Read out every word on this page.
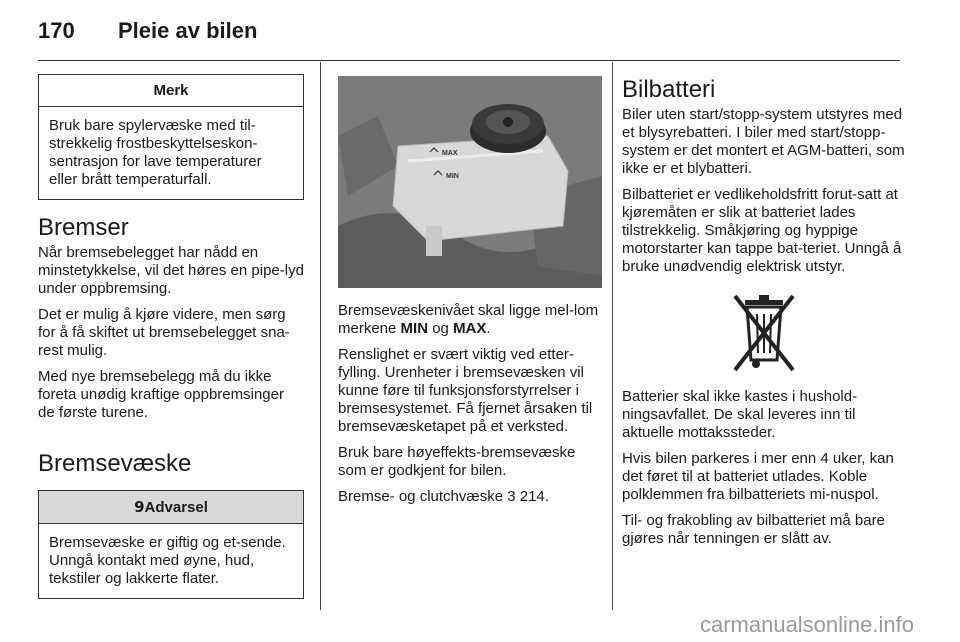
170	Pleie av bilen
Merk
Bruk bare spylervæske med til-strekkelig frostbeskyttelseskon-sentrasjon for lave temperaturer eller brått temperaturfall.
Bremser

Når bremsebelegget har nådd en minstetykkelse, vil det høres en pipe-lyd under oppbremsing.

Det er mulig å kjøre videre, men sørg for å få skiftet ut bremsebelegget sna-rest mulig.

Med nye bremsebelegg må du ikke foreta unødig kraftige oppbremsinger de første turene.

Bremsevæske
9Advarsel
Bremsevæske er giftig og et-sende. Unngå kontakt med øyne, hud, tekstiler og lakkerte flater.
MAX
MIN

Bremsevæskenivået skal ligge mel-lom merkene MIN og MAX.

Renslighet er svært viktig ved etter-fylling. Urenheter i bremsevæsken vil kunne føre til funksjonsforstyrrelser i bremsesystemet. Få fjernet årsaken til bremsevæsketapet på et verksted.

Bruk bare høyeffekts-bremsevæske som er godkjent for bilen.

Bremse- og clutchvæske 3 214.

Bilbatteri

Biler uten start/stopp-system utstyres med et blysyrebatteri. I biler med start/stopp-system er det montert et AGM-batteri, som ikke er et blybatteri.

Bilbatteriet er vedlikeholdsfritt forut-satt at kjøremåten er slik at batteriet lades tilstrekkelig. Småkjøring og hyppige motorstarter kan tappe bat-teriet. Unngå å bruke unødvendig elektrisk utstyr.

Batterier skal ikke kastes i hushold-ningsavfallet. De skal leveres inn til aktuelle mottakssteder.

Hvis bilen parkeres i mer enn 4 uker, kan det føret til at batteriet utlades. Koble polklemmen fra bilbatteriets mi-nuspol.

Til- og frakobling av bilbatteriet må bare gjøres når tenningen er slått av.

carmanualsonline.info
